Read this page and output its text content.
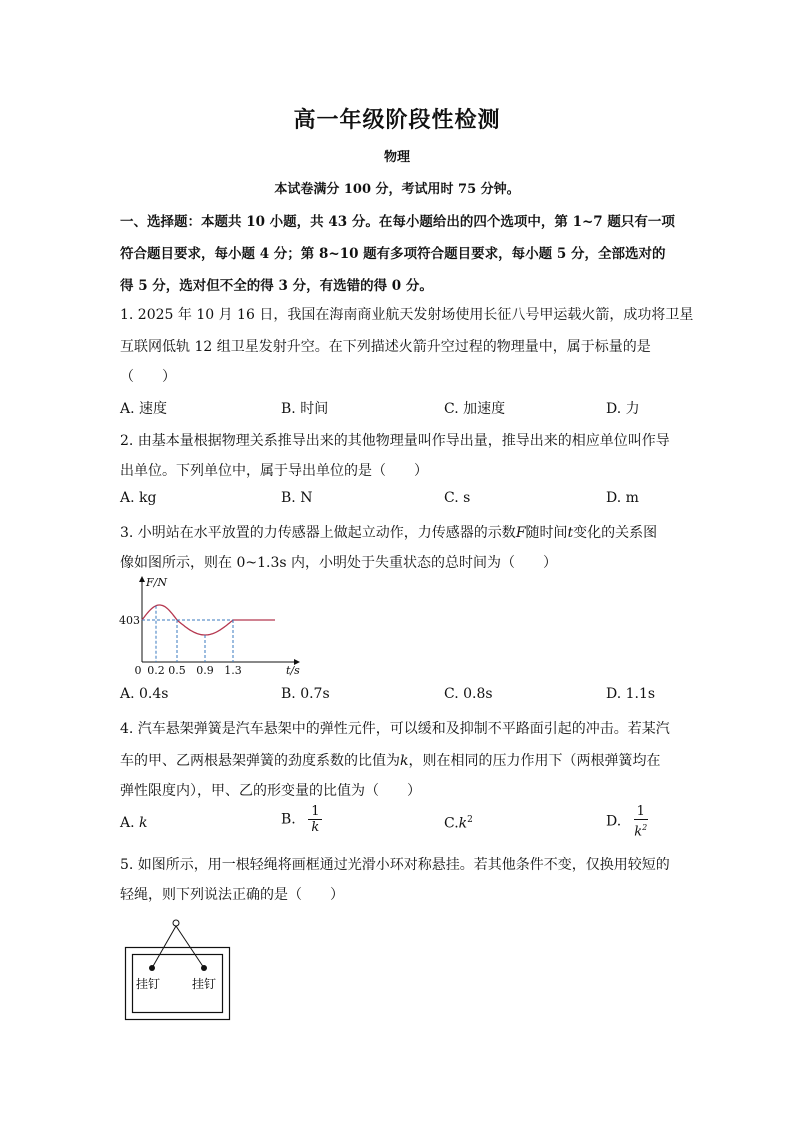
高一年级阶段性检测
物理
本试卷满分 100 分，考试用时 75 分钟。
一、选择题：本题共 10 小题，共 43 分。在每小题给出的四个选项中，第 1~7 题只有一项
符合题目要求，每小题 4 分；第 8~10 题有多项符合题目要求，每小题 5 分，全部选对的
得 5 分，选对但不全的得 3 分，有选错的得 0 分。
1. 2025 年 10 月 16 日，我国在海南商业航天发射场使用长征八号甲运载火箭，成功将卫星
互联网低轨 12 组卫星发射升空。在下列描述火箭升空过程的物理量中，属于标量的是
（　　）
A. 速度	B. 时间	C. 加速度	D. 力
2. 由基本量根据物理关系推导出来的其他物理量叫作导出量，推导出来的相应单位叫作导
出单位。下列单位中，属于导出单位的是（　　）
A. kg	B. N	C. s	D. m
3. 小明站在水平放置的力传感器上做起立动作，力传感器的示数F随时间t变化的关系图
像如图所示，则在 0~1.3s 内，小明处于失重状态的总时间为（　　）
0 0.2 0.5 0.9 1.3
403
t/s
F/N
A. 0.4s	B. 0.7s	C. 0.8s	D. 1.1s
4. 汽车悬架弹簧是汽车悬架中的弹性元件，可以缓和及抑制不平路面引起的冲击。若某汽
车的甲、乙两根悬架弹簧的劲度系数的比值为k，则在相同的压力作用下（两根弹簧均在
弹性限度内），甲、乙的形变量的比值为（　　）
A. k	B. $\frac{1}{k}$	$C.k^2$	D. $\frac{1}{k^2}$
5. 如图所示，用一根轻绳将画框通过光滑小环对称悬挂。若其他条件不变，仅换用较短的
轻绳，则下列说法正确的是（　　）
挂钉	挂钉
